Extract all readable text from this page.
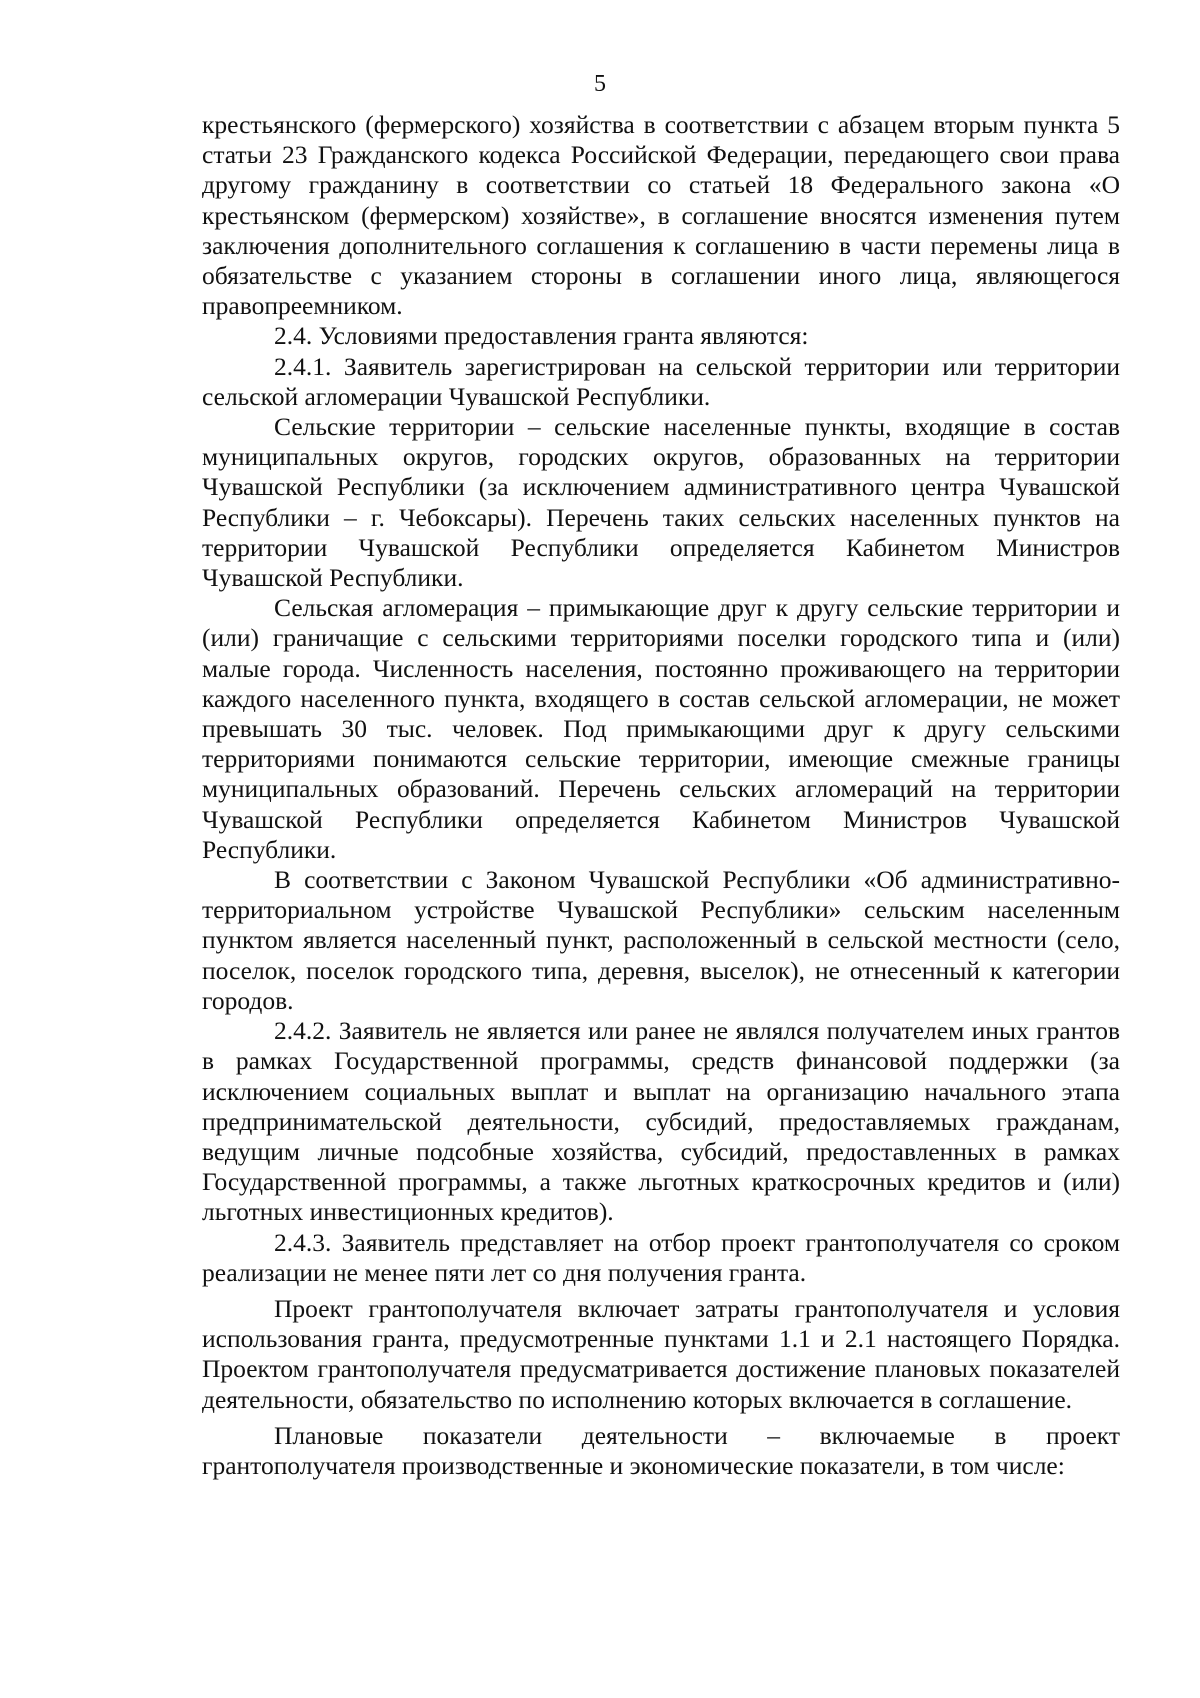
5

крестьянского (фермерского) хозяйства в соответствии с абзацем вторым пункта 5 статьи 23 Гражданского кодекса Российской Федерации, передающего свои права другому гражданину в соответствии со статьей 18 Федерального закона «О крестьянском (фермерском) хозяйстве», в соглашение вносятся изменения путем заключения дополнительного соглашения к соглашению в части перемены лица в обязательстве с указанием стороны в соглашении иного лица, являющегося правопреемником.

2.4. Условиями предоставления гранта являются:

2.4.1. Заявитель зарегистрирован на сельской территории или территории сельской агломерации Чувашской Республики.

Сельские территории – сельские населенные пункты, входящие в состав муниципальных округов, городских округов, образованных на территории Чувашской Республики (за исключением административного центра Чувашской Республики – г. Чебоксары). Перечень таких сельских населенных пунктов на территории Чувашской Республики определяется Кабинетом Министров Чувашской Республики.

Сельская агломерация – примыкающие друг к другу сельские территории и (или) граничащие с сельскими территориями поселки городского типа и (или) малые города. Численность населения, постоянно проживающего на территории каждого населенного пункта, входящего в состав сельской агломерации, не может превышать 30 тыс. человек. Под примыкающими друг к другу сельскими территориями понимаются сельские территории, имеющие смежные границы муниципальных образований. Перечень сельских агломераций на территории Чувашской Республики определяется Кабинетом Министров Чувашской Республики.

В соответствии с Законом Чувашской Республики «Об административно-территориальном устройстве Чувашской Республики» сельским населенным пунктом является населенный пункт, расположенный в сельской местности (село, поселок, поселок городского типа, деревня, выселок), не отнесенный к категории городов.

2.4.2. Заявитель не является или ранее не являлся получателем иных грантов в рамках Государственной программы, средств финансовой поддержки (за исключением социальных выплат и выплат на организацию начального этапа предпринимательской деятельности, субсидий, предоставляемых гражданам, ведущим личные подсобные хозяйства, субсидий, предоставленных в рамках Государственной программы, а также льготных краткосрочных кредитов и (или) льготных инвестиционных кредитов).

2.4.3. Заявитель представляет на отбор проект грантополучателя со сроком реализации не менее пяти лет со дня получения гранта.

Проект грантополучателя включает затраты грантополучателя и условия использования гранта, предусмотренные пунктами 1.1 и 2.1 настоящего Порядка. Проектом грантополучателя предусматривается достижение плановых показателей деятельности, обязательство по исполнению которых включается в соглашение.

Плановые показатели деятельности – включаемые в проект грантополучателя производственные и экономические показатели, в том числе:
